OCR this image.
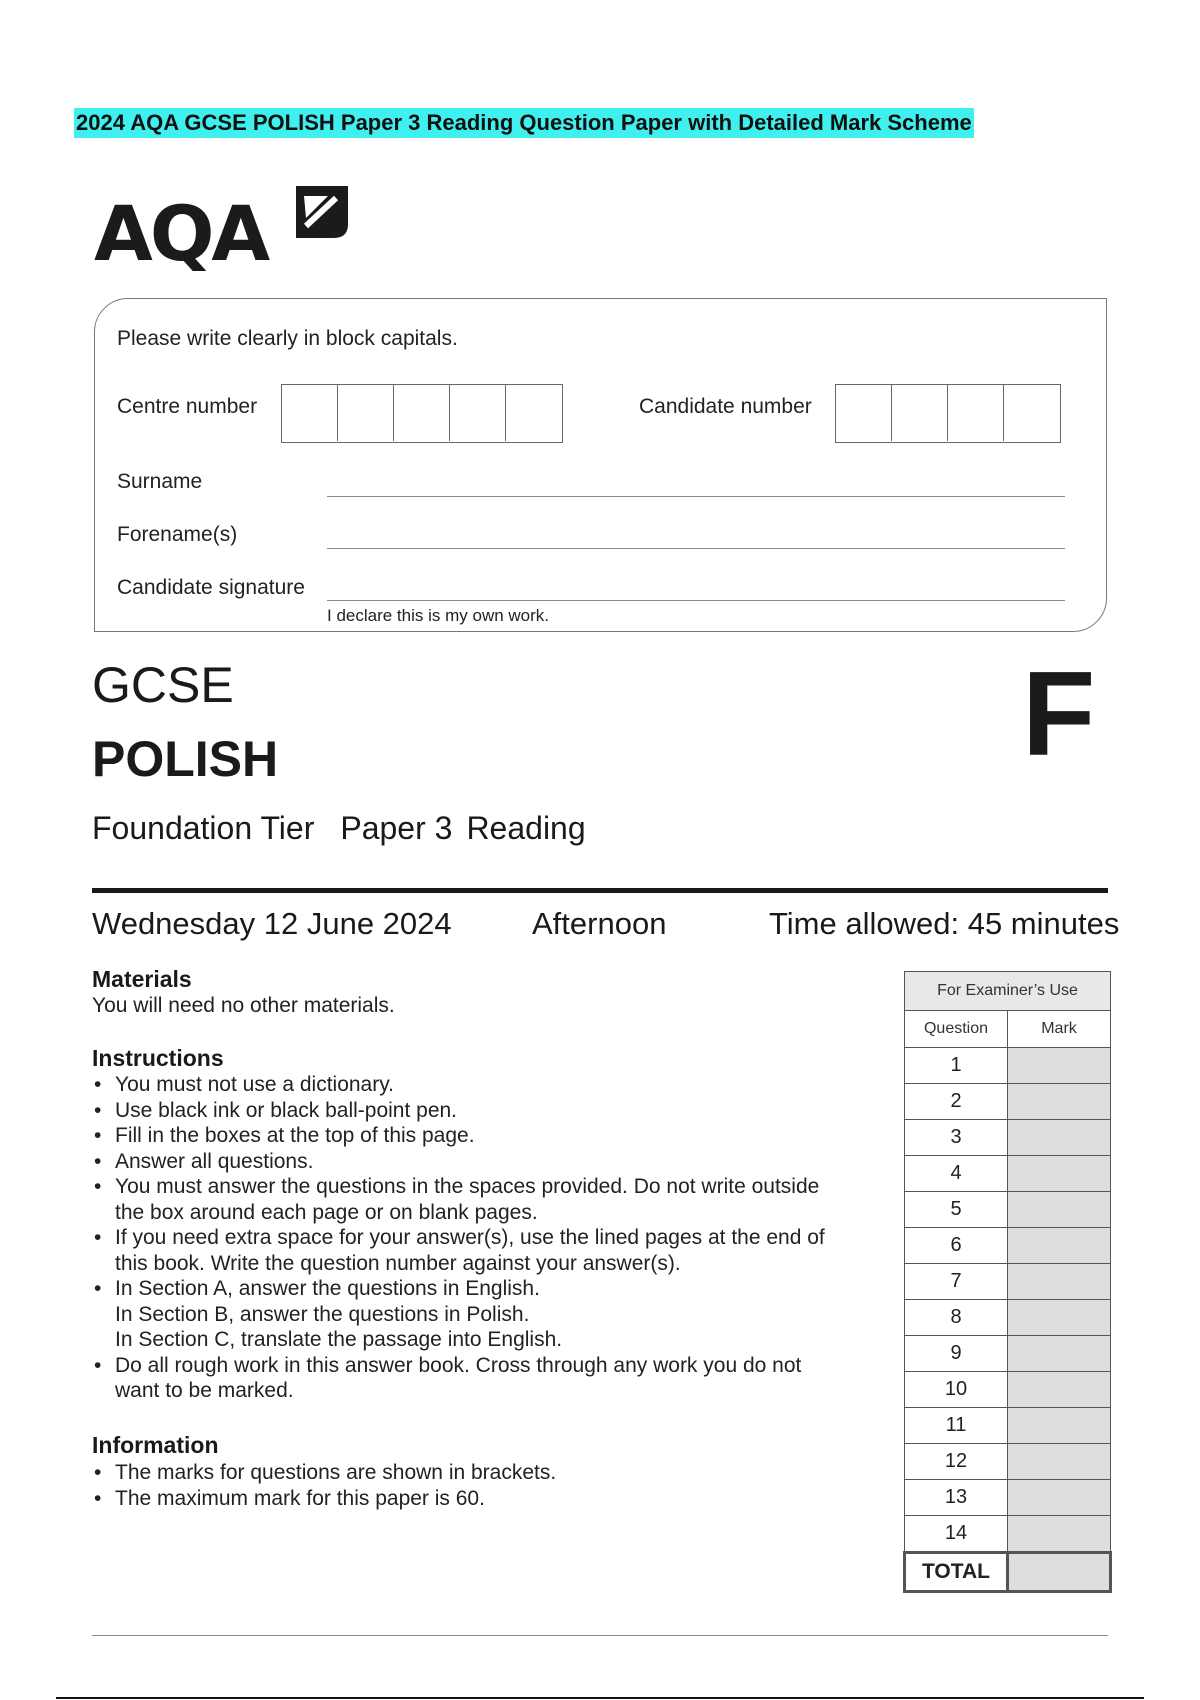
2024 AQA GCSE POLISH Paper 3 Reading Question Paper with Detailed Mark Scheme
AQA
Please write clearly in block capitals.
Centre number	Candidate number
Surname
Forename(s)
Candidate signature
I declare this is my own work.
GCSE
POLISH	F
Foundation Tier Paper 3 Reading
Wednesday 12 June 2024	Afternoon	Time allowed: 45 minutes
Materials
You will need no other materials.
Instructions
• You must not use a dictionary.
• Use black ink or black ball-point pen.
• Fill in the boxes at the top of this page.
• Answer all questions.
• You must answer the questions in the spaces provided. Do not write outside
the box around each page or on blank pages.
• If you need extra space for your answer(s), use the lined pages at the end of
this book. Write the question number against your answer(s).
• In Section A, answer the questions in English.
In Section B, answer the questions in Polish.
In Section C, translate the passage into English.
• Do all rough work in this answer book. Cross through any work you do not
want to be marked.
Information
• The marks for questions are shown in brackets.
• The maximum mark for this paper is 60.
For Examiner’s Use	
Question	Mark
1	
2	
3	
4	
5	
6	
7	
8	
9	
10	
11	
12	
13	
14	
TOTAL	
